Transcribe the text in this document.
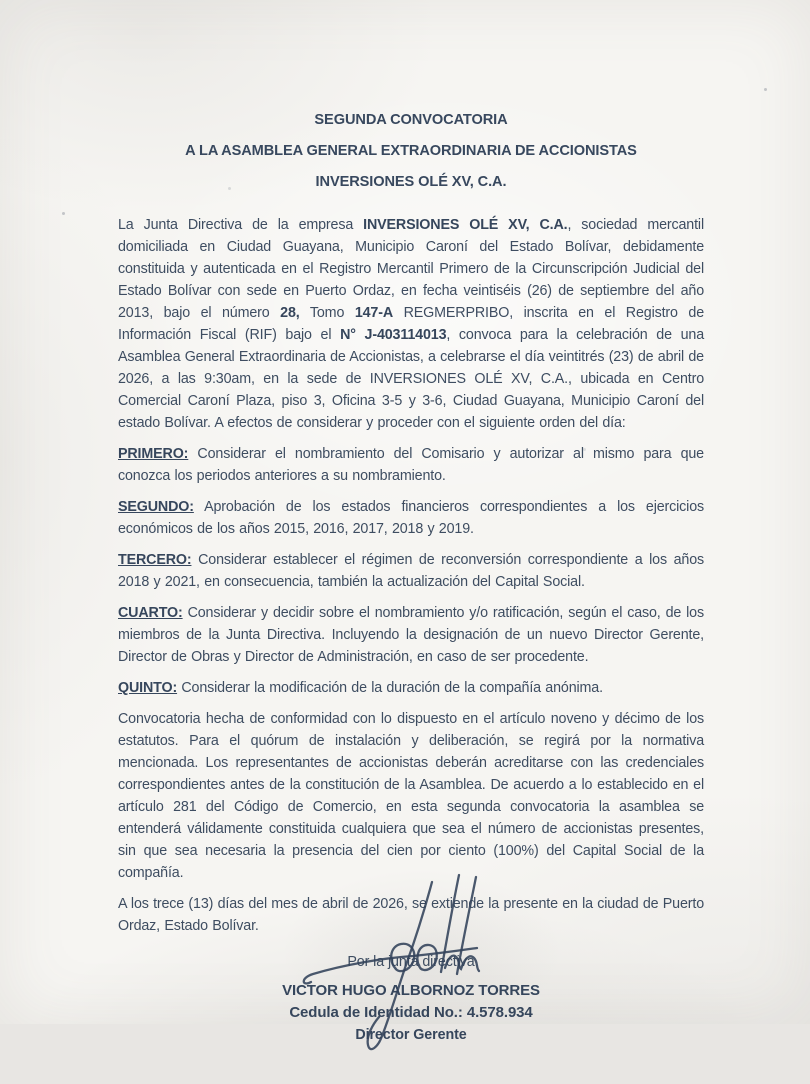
SEGUNDA CONVOCATORIA

A LA ASAMBLEA GENERAL EXTRAORDINARIA DE ACCIONISTAS

INVERSIONES OLÉ XV, C.A.

La Junta Directiva de la empresa INVERSIONES OLÉ XV, C.A., sociedad mercantil domiciliada en Ciudad Guayana, Municipio Caroní del Estado Bolívar, debidamente constituida y autenticada en el Registro Mercantil Primero de la Circunscripción Judicial del Estado Bolívar con sede en Puerto Ordaz, en fecha veintiséis (26) de septiembre del año 2013, bajo el número 28, Tomo 147-A REGMERPRIBO, inscrita en el Registro de Información Fiscal (RIF) bajo el N° J-403114013, convoca para la celebración de una Asamblea General Extraordinaria de Accionistas, a celebrarse el día veintitrés (23) de abril de 2026, a las 9:30am, en la sede de INVERSIONES OLÉ XV, C.A., ubicada en Centro Comercial Caroní Plaza, piso 3, Oficina 3-5 y 3-6, Ciudad Guayana, Municipio Caroní del estado Bolívar. A efectos de considerar y proceder con el siguiente orden del día:

PRIMERO: Considerar el nombramiento del Comisario y autorizar al mismo para que conozca los periodos anteriores a su nombramiento.

SEGUNDO: Aprobación de los estados financieros correspondientes a los ejercicios económicos de los años 2015, 2016, 2017, 2018 y 2019.

TERCERO: Considerar establecer el régimen de reconversión correspondiente a los años 2018 y 2021, en consecuencia, también la actualización del Capital Social.

CUARTO: Considerar y decidir sobre el nombramiento y/o ratificación, según el caso, de los miembros de la Junta Directiva. Incluyendo la designación de un nuevo Director Gerente, Director de Obras y Director de Administración, en caso de ser procedente.

QUINTO: Considerar la modificación de la duración de la compañía anónima.

Convocatoria hecha de conformidad con lo dispuesto en el artículo noveno y décimo de los estatutos. Para el quórum de instalación y deliberación, se regirá por la normativa mencionada. Los representantes de accionistas deberán acreditarse con las credenciales correspondientes antes de la constitución de la Asamblea. De acuerdo a lo establecido en el artículo 281 del Código de Comercio, en esta segunda convocatoria la asamblea se entenderá válidamente constituida cualquiera que sea el número de accionistas presentes, sin que sea necesaria la presencia del cien por ciento (100%) del Capital Social de la compañía.

A los trece (13) días del mes de abril de 2026, se extiende la presente en la ciudad de Puerto Ordaz, Estado Bolívar.

Por la junta directiva

VICTOR HUGO ALBORNOZ TORRES

Cedula de Identidad No.: 4.578.934

Director Gerente
